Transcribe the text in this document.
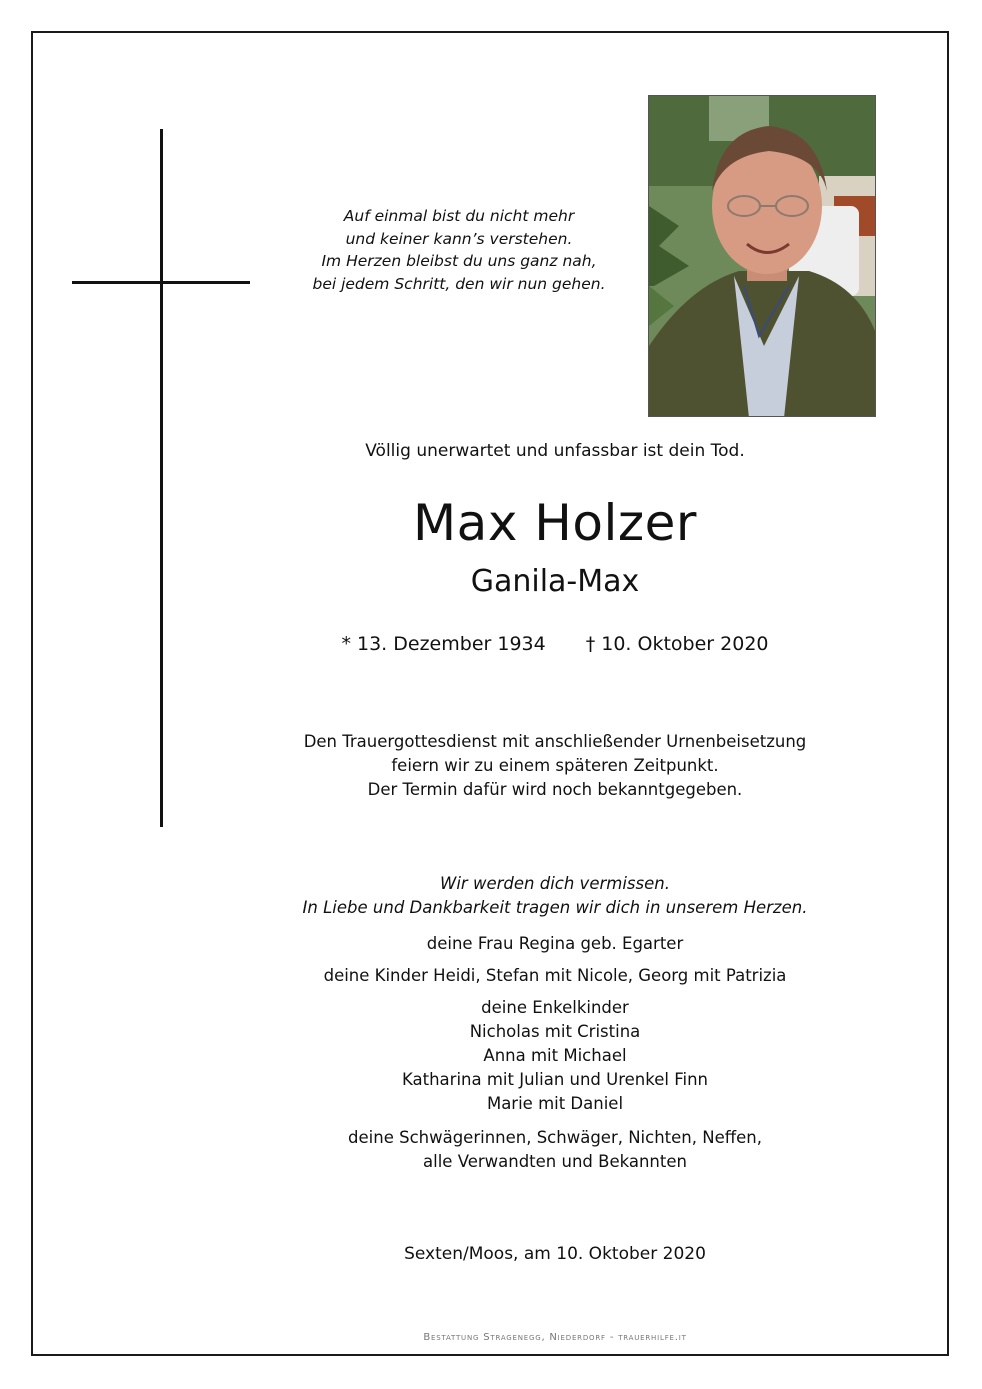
Auf einmal bist du nicht mehr
und keiner kann’s verstehen.
Im Herzen bleibst du uns ganz nah,
bei jedem Schritt, den wir nun gehen.
Völlig unerwartet und unfassbar ist dein Tod.
Max Holzer
Ganila-Max
* 13. Dezember 1934 † 10. Oktober 2020
Den Trauergottesdienst mit anschließender Urnenbeisetzung
feiern wir zu einem späteren Zeitpunkt.
Der Termin dafür wird noch bekanntgegeben.
Wir werden dich vermissen.
In Liebe und Dankbarkeit tragen wir dich in unserem Herzen.
deine Frau Regina geb. Egarter
deine Kinder Heidi, Stefan mit Nicole, Georg mit Patrizia
deine Enkelkinder
Nicholas mit Cristina
Anna mit Michael
Katharina mit Julian und Urenkel Finn
Marie mit Daniel
deine Schwägerinnen, Schwäger, Nichten, Neffen,
alle Verwandten und Bekannten
Sexten/Moos, am 10. Oktober 2020
Bestattung Stragenegg, Niederdorf - trauerhilfe.it
